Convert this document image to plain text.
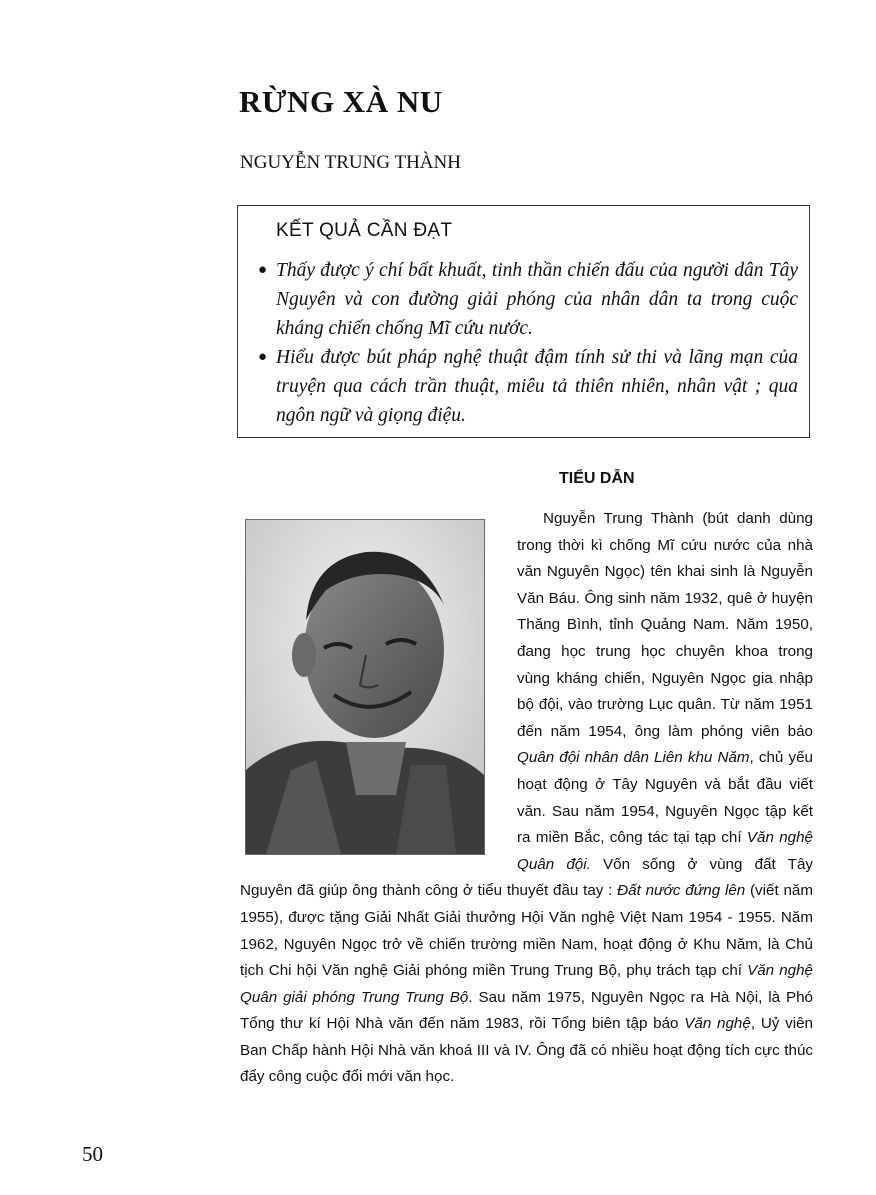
RỪNG XÀ NU
NGUYỄN TRUNG THÀNH
KẾT QUẢ CẦN ĐẠT
● Thấy được ý chí bất khuất, tinh thần chiến đấu của người dân Tây Nguyên và con đường giải phóng của nhân dân ta trong cuộc kháng chiến chống Mĩ cứu nước.
● Hiểu được bút pháp nghệ thuật đậm tính sử thi và lãng mạn của truyện qua cách trần thuật, miêu tả thiên nhiên, nhân vật ; qua ngôn ngữ và giọng điệu.
TIỂU DẪN
Nguyễn Trung Thành (bút danh dùng trong thời kì chống Mĩ cứu nước của nhà văn Nguyên Ngọc) tên khai sinh là Nguyễn Văn Báu. Ông sinh năm 1932, quê ở huyện Thăng Bình, tỉnh Quảng Nam. Năm 1950, đang học trung học chuyên khoa trong vùng kháng chiến, Nguyên Ngọc gia nhập bộ đội, vào trường Lục quân. Từ năm 1951 đến năm 1954, ông làm phóng viên báo Quân đội nhân dân Liên khu Năm, chủ yếu hoạt động ở Tây Nguyên và bắt đầu viết văn. Sau năm 1954, Nguyên Ngọc tập kết ra miền Bắc, công tác tại tạp chí Văn nghệ Quân đội. Vốn sống ở vùng đất Tây Nguyên đã giúp ông thành công ở tiểu thuyết đầu tay : Đất nước đứng lên (viết năm 1955), được tặng Giải Nhất Giải thưởng Hội Văn nghệ Việt Nam 1954 - 1955. Năm 1962, Nguyên Ngọc trở về chiến trường miền Nam, hoạt động ở Khu Năm, là Chủ tịch Chi hội Văn nghệ Giải phóng miền Trung Trung Bộ, phụ trách tạp chí Văn nghệ Quân giải phóng Trung Trung Bộ. Sau năm 1975, Nguyên Ngọc ra Hà Nội, là Phó Tổng thư kí Hội Nhà văn đến năm 1983, rồi Tổng biên tập báo Văn nghệ, Uỷ viên Ban Chấp hành Hội Nhà văn khoá III và IV. Ông đã có nhiều hoạt động tích cực thúc đẩy công cuộc đổi mới văn học.
50
